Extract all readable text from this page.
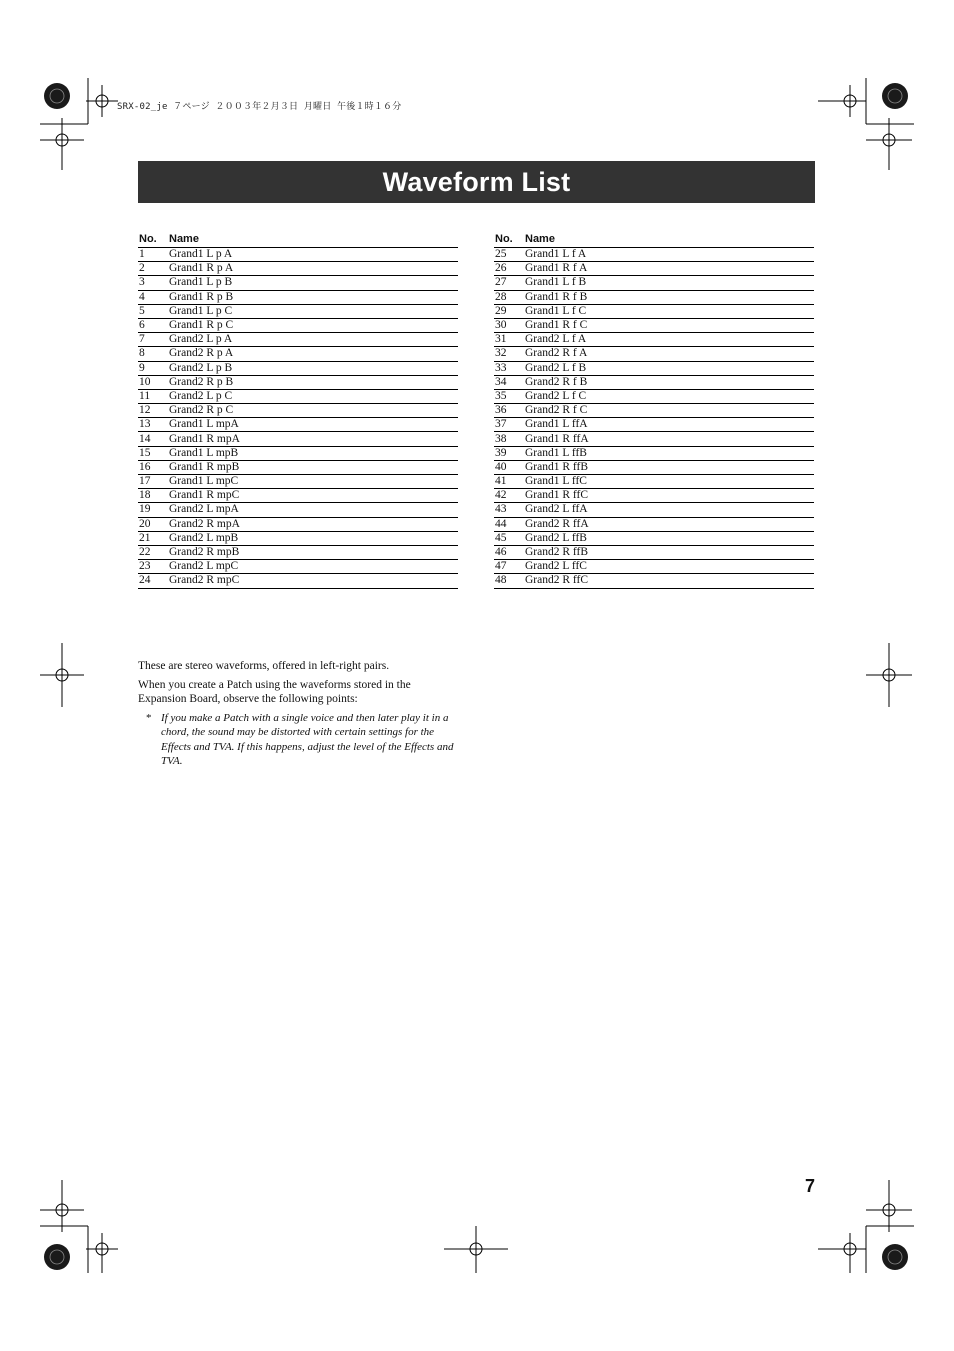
SRX-02_je ７ページ ２００３年２月３日 月曜日 午後１時１６分
Waveform List
No.	Name
1	Grand1 L p A
2	Grand1 R p A
3	Grand1 L p B
4	Grand1 R p B
5	Grand1 L p C
6	Grand1 R p C
7	Grand2 L p A
8	Grand2 R p A
9	Grand2 L p B
10	Grand2 R p B
11	Grand2 L p C
12	Grand2 R p C
13	Grand1 L mpA
14	Grand1 R mpA
15	Grand1 L mpB
16	Grand1 R mpB
17	Grand1 L mpC
18	Grand1 R mpC
19	Grand2 L mpA
20	Grand2 R mpA
21	Grand2 L mpB
22	Grand2 R mpB
23	Grand2 L mpC
24	Grand2 R mpC
No.	Name
25	Grand1 L f A
26	Grand1 R f A
27	Grand1 L f B
28	Grand1 R f B
29	Grand1 L f C
30	Grand1 R f C
31	Grand2 L f A
32	Grand2 R f A
33	Grand2 L f B
34	Grand2 R f B
35	Grand2 L f C
36	Grand2 R f C
37	Grand1 L ffA
38	Grand1 R ffA
39	Grand1 L ffB
40	Grand1 R ffB
41	Grand1 L ffC
42	Grand1 R ffC
43	Grand2 L ffA
44	Grand2 R ffA
45	Grand2 L ffB
46	Grand2 R ffB
47	Grand2 L ffC
48	Grand2 R ffC

These are stereo waveforms, offered in left-right pairs.

When you create a Patch using the waveforms stored in the Expansion Board, observe the following points:

* If you make a Patch with a single voice and then later play it in a chord, the sound may be distorted with certain settings for the Effects and TVA. If this happens, adjust the level of the Effects and TVA.
7
